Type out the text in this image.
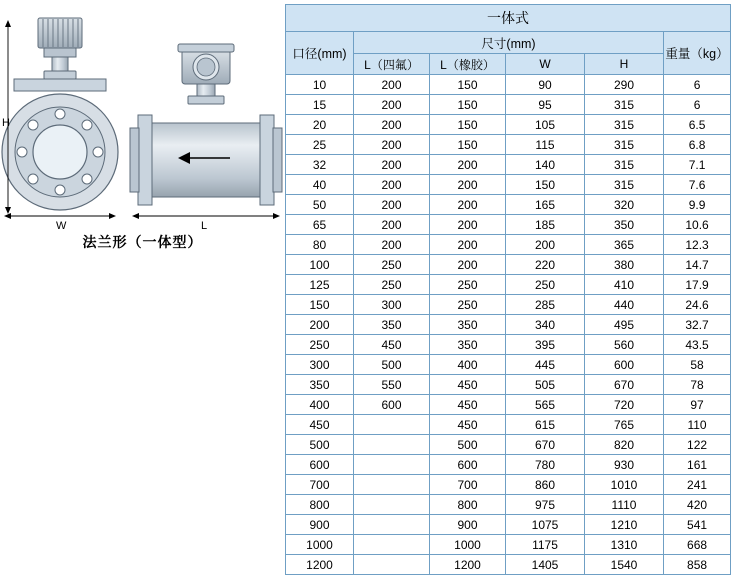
H
W	L
法兰形（一体型）
一体式					
口径(mm)	尺寸(mm)				重量（kg）
	L（四氟）	L（橡胶）	W	H	
10	200	150	90	290	6
15	200	150	95	315	6
20	200	150	105	315	6.5
25	200	150	115	315	6.8
32	200	200	140	315	7.1
40	200	200	150	315	7.6
50	200	200	165	320	9.9
65	200	200	185	350	10.6
80	200	200	200	365	12.3
100	250	200	220	380	14.7
125	250	250	250	410	17.9
150	300	250	285	440	24.6
200	350	350	340	495	32.7
250	450	350	395	560	43.5
300	500	400	445	600	58
350	550	450	505	670	78
400	600	450	565	720	97
450		450	615	765	110
500		500	670	820	122
600		600	780	930	161
700		700	860	1010	241
800		800	975	1110	420
900		900	1075	1210	541
1000		1000	1175	1310	668
1200		1200	1405	1540	858
